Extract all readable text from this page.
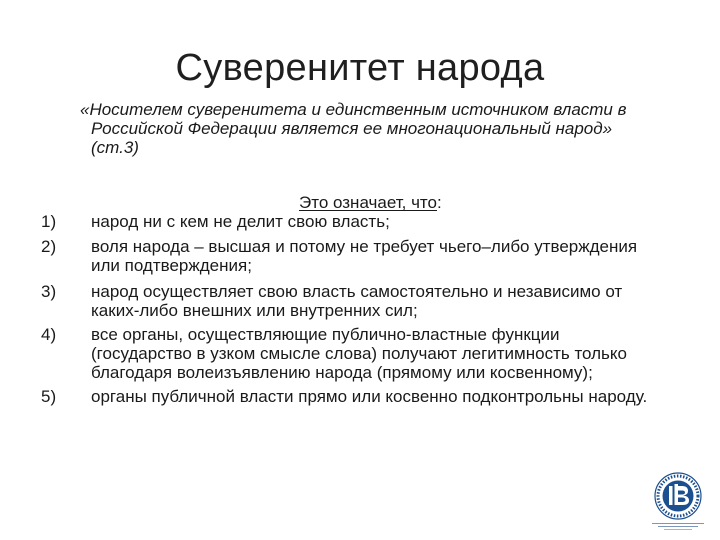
Суверенитет народа
«Носителем суверенитета и единственным источником власти в
Российской Федерации является ее многонациональный народ»
(ст.3)
Это означает, что:
1) народ ни с кем не делит свою власть;
2) воля народа – высшая и потому не требует чьего–либо утверждения
или подтверждения;
3) народ осуществляет свою власть самостоятельно и независимо от
каких-либо внешних или внутренних сил;
4) все органы, осуществляющие публично-властные функции
(государство в узком смысле слова) получают легитимность только
благодаря волеизъявлению народа (прямому или косвенному);
5) органы публичной власти прямо или косвенно подконтрольны народу.
